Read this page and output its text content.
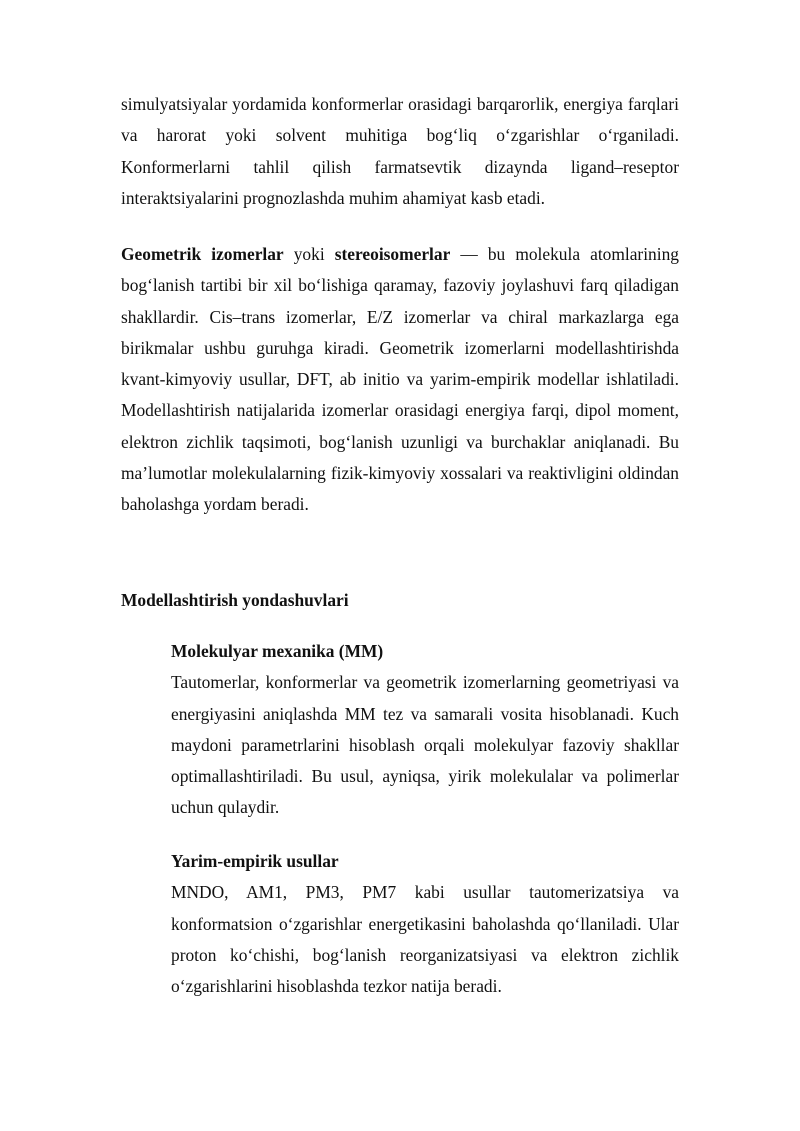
simulyatsiyalar yordamida konformerlar orasidagi barqarorlik, energiya farqlari va harorat yoki solvent muhitiga bog‘liq o‘zgarishlar o‘rganiladi. Konformerlarni tahlil qilish farmatsevtik dizaynda ligand–reseptor interaktsiyalarini prognozlashda muhim ahamiyat kasb etadi.

Geometrik izomerlar yoki stereoisomerlar — bu molekula atomlarining bog‘lanish tartibi bir xil bo‘lishiga qaramay, fazoviy joylashuvi farq qiladigan shakllardir. Cis–trans izomerlar, E/Z izomerlar va chiral markazlarga ega birikmalar ushbu guruhga kiradi. Geometrik izomerlarni modellashtirishda kvant-kimyoviy usullar, DFT, ab initio va yarim-empirik modellar ishlatiladi. Modellashtirish natijalarida izomerlar orasidagi energiya farqi, dipol moment, elektron zichlik taqsimoti, bog‘lanish uzunligi va burchaklar aniqlanadi. Bu ma’lumotlar molekulalarning fizik-kimyoviy xossalari va reaktivligini oldindan baholashga yordam beradi.

Modellashtirish yondashuvlari
Molekulyar mexanika (MM)
Tautomerlar, konformerlar va geometrik izomerlarning geometriyasi va energiyasini aniqlashda MM tez va samarali vosita hisoblanadi. Kuch maydoni parametrlarini hisoblash orqali molekulyar fazoviy shakllar optimallashtiriladi. Bu usul, ayniqsa, yirik molekulalar va polimerlar uchun qulaydir.
Yarim-empirik usullar
MNDO, AM1, PM3, PM7 kabi usullar tautomerizatsiya va konformatsion o‘zgarishlar energetikasini baholashda qo‘llaniladi. Ular proton ko‘chishi, bog‘lanish reorganizatsiyasi va elektron zichlik o‘zgarishlarini hisoblashda tezkor natija beradi.
